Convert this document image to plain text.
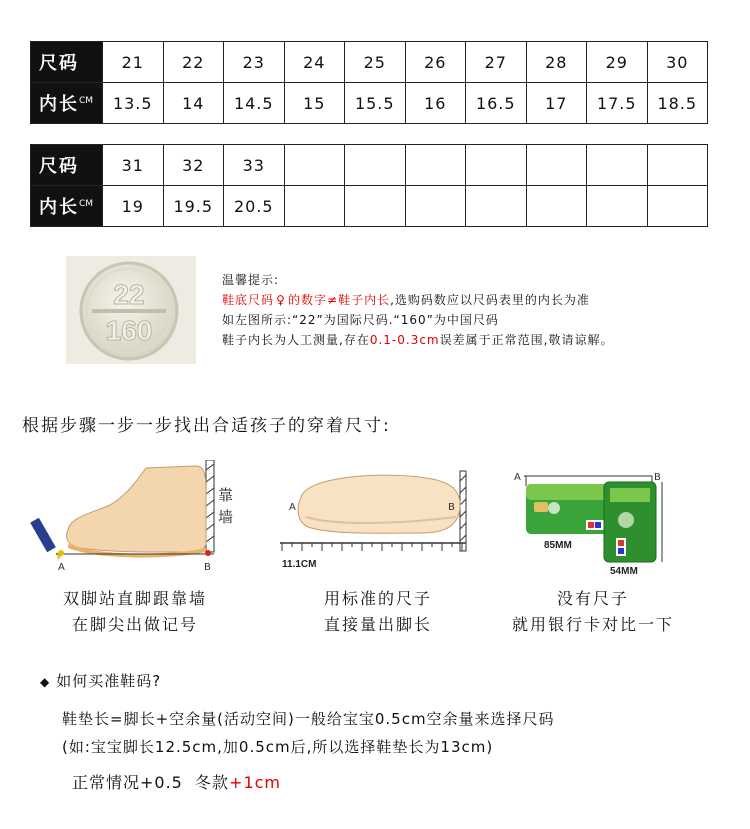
尺码	21	22	23	24	25	26	27	28	29	30
内长$^{CM}$	13.5	14	14.5	15	15.5	16	16.5	17	17.5	18.5
尺码	31	32	33							
内长$^{CM}$	19	19.5	20.5							
22
160
温馨提示:
鞋底尺码 ♀ 的数字≠鞋子内长,选购码数应以尺码表里的内长为准
如左图所示:“22”为国际尺码.“160”为中国尺码
鞋子内长为人工测量,存在0.1-0.3cm误差属于正常范围,敬请谅解。
根据步骤一步一步找出合适孩子的穿着尺寸:
A	B
靠
墙
A	B
11.1CM
A	B
85MM
54MM
双脚站直脚跟靠墙
在脚尖出做记号
用标准的尺子
直接量出脚长
没有尺子
就用银行卡对比一下
◆ 如何买准鞋码?
鞋垫长=脚长+空余量(活动空间)一般给宝宝0.5cm空余量来选择尺码
(如:宝宝脚长12.5cm,加0.5cm后,所以选择鞋垫长为13cm)
正常情况+0.5  冬款+1cm
